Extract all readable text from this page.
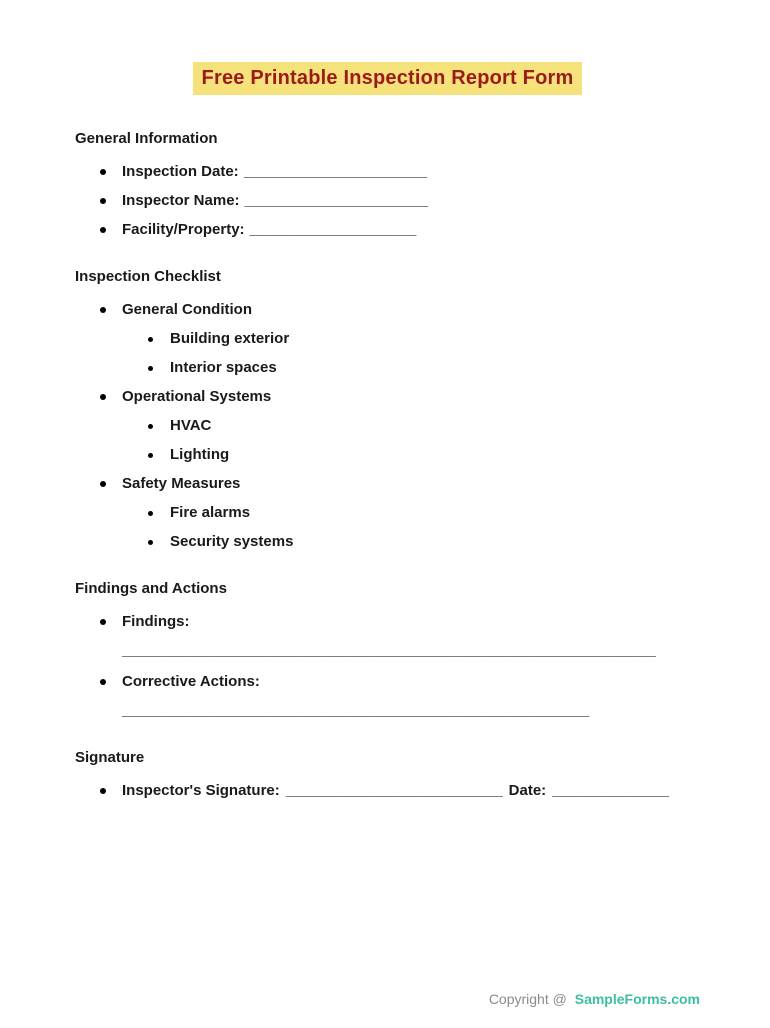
Free Printable Inspection Report Form
General Information
Inspection Date: ______________________
Inspector Name: ______________________
Facility/Property: ____________________
Inspection Checklist
General Condition
Building exterior
Interior spaces
Operational Systems
HVAC
Lighting
Safety Measures
Fire alarms
Security systems
Findings and Actions
Findings:
________________________________________________________________
Corrective Actions:
________________________________________________________
Signature
Inspector's Signature: __________________________ Date: ______________
Copyright @ SampleForms.com
